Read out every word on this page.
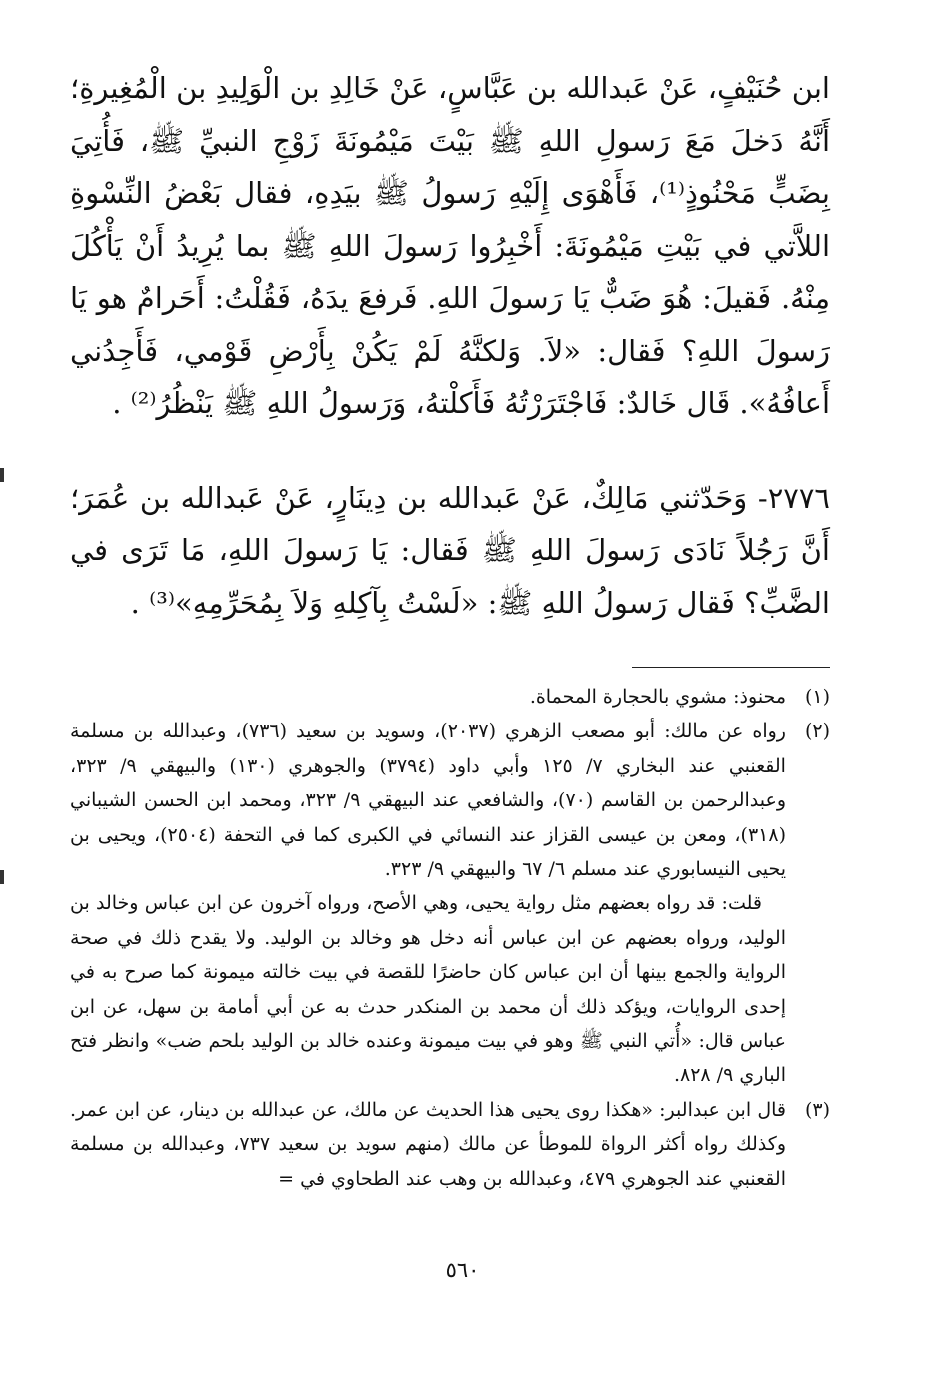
ابن حُنَيْفٍ، عَنْ عَبدالله بن عَبَّاسٍ، عَنْ خَالِدِ بن الْوَلِيدِ بن الْمُغِيرةِ؛ أَنَّهُ دَخلَ مَعَ رَسولِ اللهِ ﷺ بَيْتَ مَيْمُونَةَ زَوْجِ النبيِّ ﷺ، فَأُتِيَ بِضَبٍّ مَحْنُوذٍ⁽¹⁾، فَأَهْوَى إِلَيْهِ رَسولُ ﷺ بيَدِهِ، فقال بَعْضُ النِّسْوةِ اللاَّتي في بَيْتِ مَيْمُونَةَ: أَخْبِرُوا رَسولَ اللهِ ﷺ بما يُرِيدُ أَنْ يَأْكُلَ مِنْهُ. فَقيلَ: هُوَ ضَبٌّ يَا رَسولَ اللهِ. فَرفعَ يدَهُ، فَقُلْتُ: أَحَرامٌ هو يَا رَسولَ اللهِ؟ فَقال: «لاَ. وَلكنَّهُ لَمْ يَكُنْ بِأَرْضِ قَوْمي، فَأَجِدُني أَعافُهُ». قَال خَالدٌ: فَاجْتَرَرْتُهُ فَأَكلْتهُ، وَرَسولُ اللهِ ﷺ يَنْظُرُ⁽²⁾ .

٢٧٧٦- وَحَدّثني مَالِكٌ، عَنْ عَبدالله بن دِينَارٍ، عَنْ عَبدالله بن عُمَرَ؛ أَنَّ رَجُلاً نَادَى رَسولَ اللهِ ﷺ فَقال: يَا رَسولَ اللهِ، مَا تَرَى في الضَّبِّ؟ فَقال رَسولُ اللهِ ﷺ: «لَسْتُ بِآكِلهِ وَلاَ بِمُحَرِّمِهِ»⁽³⁾ .

(١)

محنوذ: مشوي بالحجارة المحماة.

(٢)

رواه عن مالك: أبو مصعب الزهري (٢٠٣٧)، وسويد بن سعيد (٧٣٦)، وعبدالله بن مسلمة القعنبي عند البخاري ٧/ ١٢٥ وأبي داود (٣٧٩٤) والجوهري (١٣٠) والبيهقي ٩/ ٣٢٣، وعبدالرحمن بن القاسم (٧٠)، والشافعي عند البيهقي ٩/ ٣٢٣، ومحمد ابن الحسن الشيباني (٣١٨)، ومعن بن عيسى القزاز عند النسائي في الكبرى كما في التحفة (٢٥٠٤)، ويحيى بن يحيى النيسابوري عند مسلم ٦/ ٦٧ والبيهقي ٩/ ٣٢٣.

قلت: قد رواه بعضهم مثل رواية يحيى، وهي الأصح، ورواه آخرون عن ابن عباس وخالد بن الوليد، ورواه بعضهم عن ابن عباس أنه دخل هو وخالد بن الوليد. ولا يقدح ذلك في صحة الرواية والجمع بينها أن ابن عباس كان حاضرًا للقصة في بيت خالته ميمونة كما صرح به في إحدى الروايات، ويؤكد ذلك أن محمد بن المنكدر حدث به عن أبي أمامة بن سهل، عن ابن عباس قال: «أُتي النبي ﷺ وهو في بيت ميمونة وعنده خالد بن الوليد بلحم ضب» وانظر فتح الباري ٩/ ٨٢٨.

(٣)

قال ابن عبدالبر: «هكذا روى يحيى هذا الحديث عن مالك، عن عبدالله بن دينار، عن ابن عمر. وكذلك رواه أكثر الرواة للموطأ عن مالك (منهم سويد بن سعيد ٧٣٧، وعبدالله بن مسلمة القعنبي عند الجوهري ٤٧٩، وعبدالله بن وهب عند الطحاوي في =

٥٦٠
